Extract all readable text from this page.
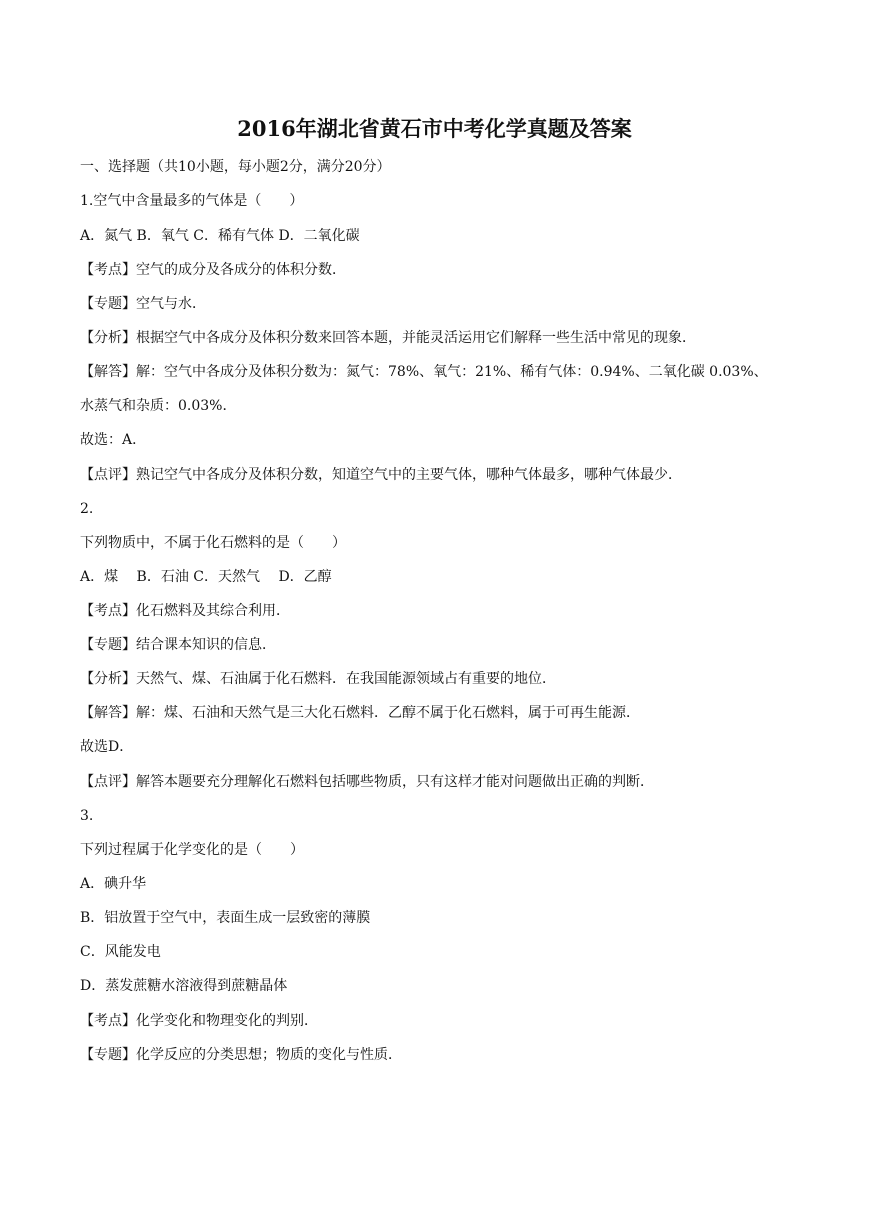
2016年湖北省黄石市中考化学真题及答案
一、选择题（共10小题，每小题2分，满分20分）
1.空气中含量最多的气体是（　　）
A．氮气 B．氧气 C．稀有气体 D．二氧化碳
【考点】空气的成分及各成分的体积分数．
【专题】空气与水．
【分析】根据空气中各成分及体积分数来回答本题，并能灵活运用它们解释一些生活中常见的现象．
【解答】解：空气中各成分及体积分数为：氮气：78%、氧气：21%、稀有气体：0.94%、二氧化碳 0.03%、
水蒸气和杂质：0.03%．
故选：A．
【点评】熟记空气中各成分及体积分数，知道空气中的主要气体，哪种气体最多，哪种气体最少．
2.
下列物质中，不属于化石燃料的是（　　）
A．煤　 B．石油 C．天然气　 D．乙醇
【考点】化石燃料及其综合利用．
【专题】结合课本知识的信息．
【分析】天然气、煤、石油属于化石燃料．在我国能源领域占有重要的地位．
【解答】解：煤、石油和天然气是三大化石燃料．乙醇不属于化石燃料，属于可再生能源．
故选D．
【点评】解答本题要充分理解化石燃料包括哪些物质，只有这样才能对问题做出正确的判断．
3.
下列过程属于化学变化的是（　　）
A．碘升华
B．铝放置于空气中，表面生成一层致密的薄膜
C．风能发电
D．蒸发蔗糖水溶液得到蔗糖晶体
【考点】化学变化和物理变化的判别．
【专题】化学反应的分类思想；物质的变化与性质．
